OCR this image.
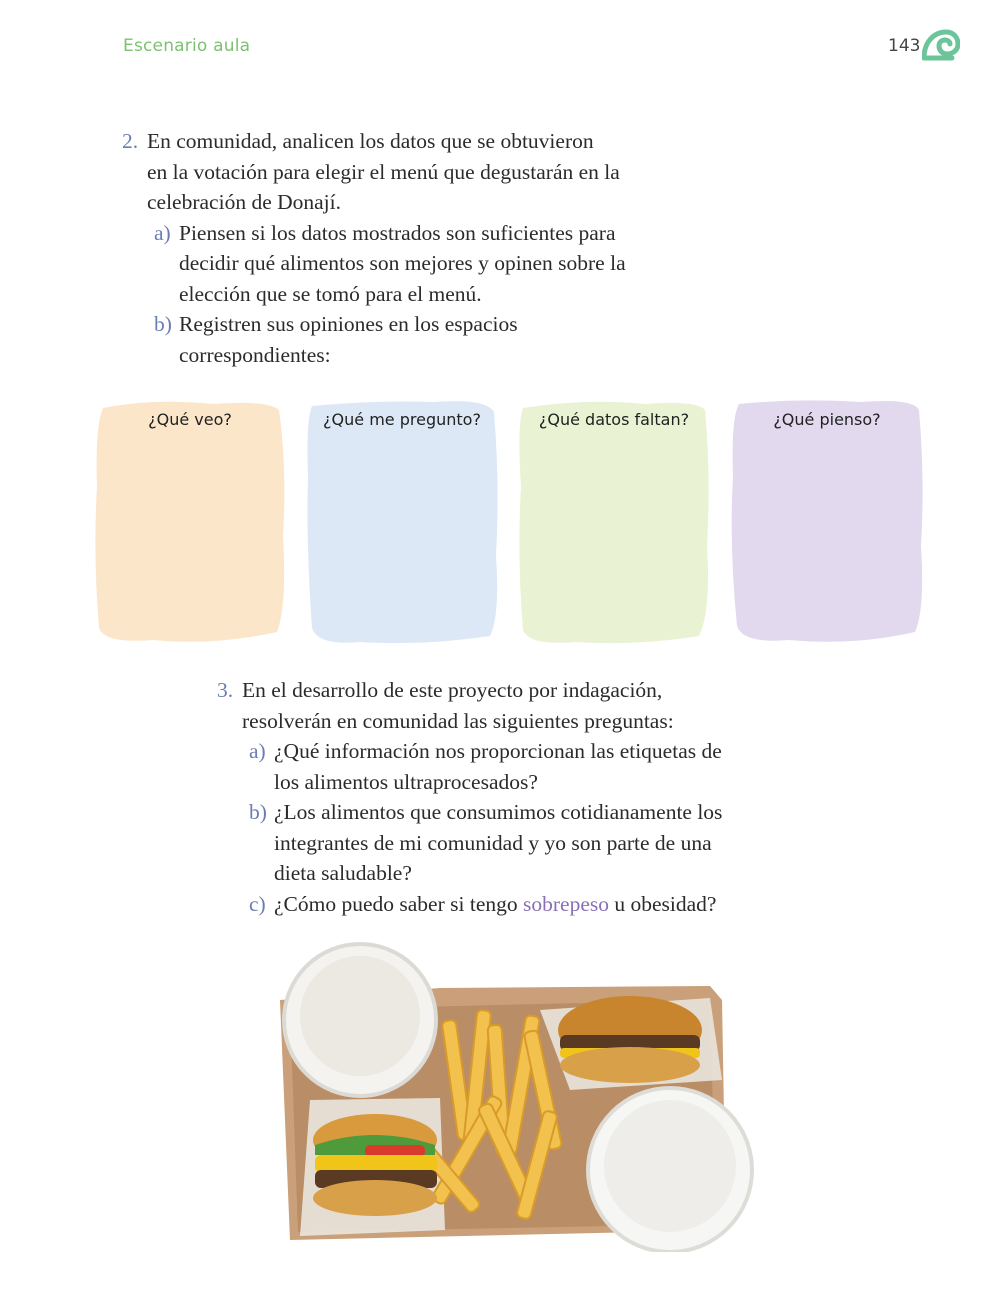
Escenario aula	143
2. En comunidad, analicen los datos que se obtuvieron
en la votación para elegir el menú que degustarán en la
celebración de Donají.
a) Piensen si los datos mostrados son suficientes para
decidir qué alimentos son mejores y opinen sobre la
elección que se tomó para el menú.
b) Registren sus opiniones en los espacios
correspondientes:
¿Qué veo?	¿Qué me pregunto?	¿Qué datos faltan?	¿Qué pienso?
3. En el desarrollo de este proyecto por indagación,
resolverán en comunidad las siguientes preguntas:
a) ¿Qué información nos proporcionan las etiquetas de
los alimentos ultraprocesados?
b) ¿Los alimentos que consumimos cotidianamente los
integrantes de mi comunidad y yo son parte de una
dieta saludable?
c) ¿Cómo puedo saber si tengo sobrepeso u obesidad?
